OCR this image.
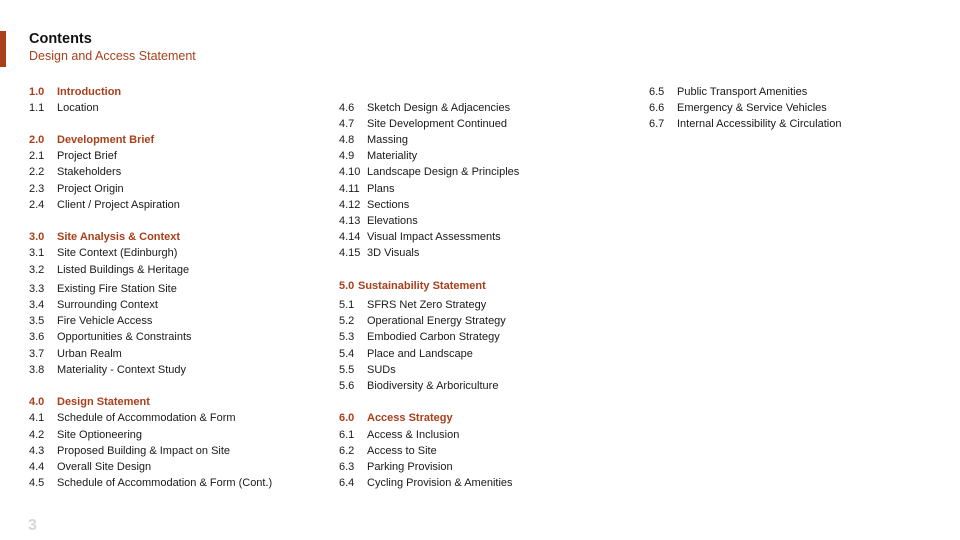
Contents
Design and Access Statement
1.0 Introduction
1.1 Location
2.0 Development Brief
2.1 Project Brief
2.2 Stakeholders
2.3 Project Origin
2.4 Client / Project Aspiration
3.0 Site Analysis & Context
3.1 Site Context (Edinburgh)
3.2 Listed Buildings & Heritage
3.3 Existing Fire Station Site
3.4 Surrounding Context
3.5 Fire Vehicle Access
3.6 Opportunities & Constraints
3.7 Urban Realm
3.8 Materiality - Context Study
4.0 Design Statement
4.1 Schedule of Accommodation & Form
4.2 Site Optioneering
4.3 Proposed Building & Impact on Site
4.4 Overall Site Design
4.5 Schedule of Accommodation & Form (Cont.)
4.6 Sketch Design & Adjacencies
4.7 Site Development Continued
4.8 Massing
4.9 Materiality
4.10 Landscape Design & Principles
4.11 Plans
4.12 Sections
4.13 Elevations
4.14 Visual Impact Assessments
4.15 3D Visuals
5.0 Sustainability Statement
5.1 SFRS Net Zero Strategy
5.2 Operational Energy Strategy
5.3 Embodied Carbon Strategy
5.4 Place and Landscape
5.5 SUDs
5.6 Biodiversity & Arboriculture
6.0 Access Strategy
6.1 Access & Inclusion
6.2 Access to Site
6.3 Parking Provision
6.4 Cycling Provision & Amenities
6.5 Public Transport Amenities
6.6 Emergency & Service Vehicles
6.7 Internal Accessibility & Circulation
3
